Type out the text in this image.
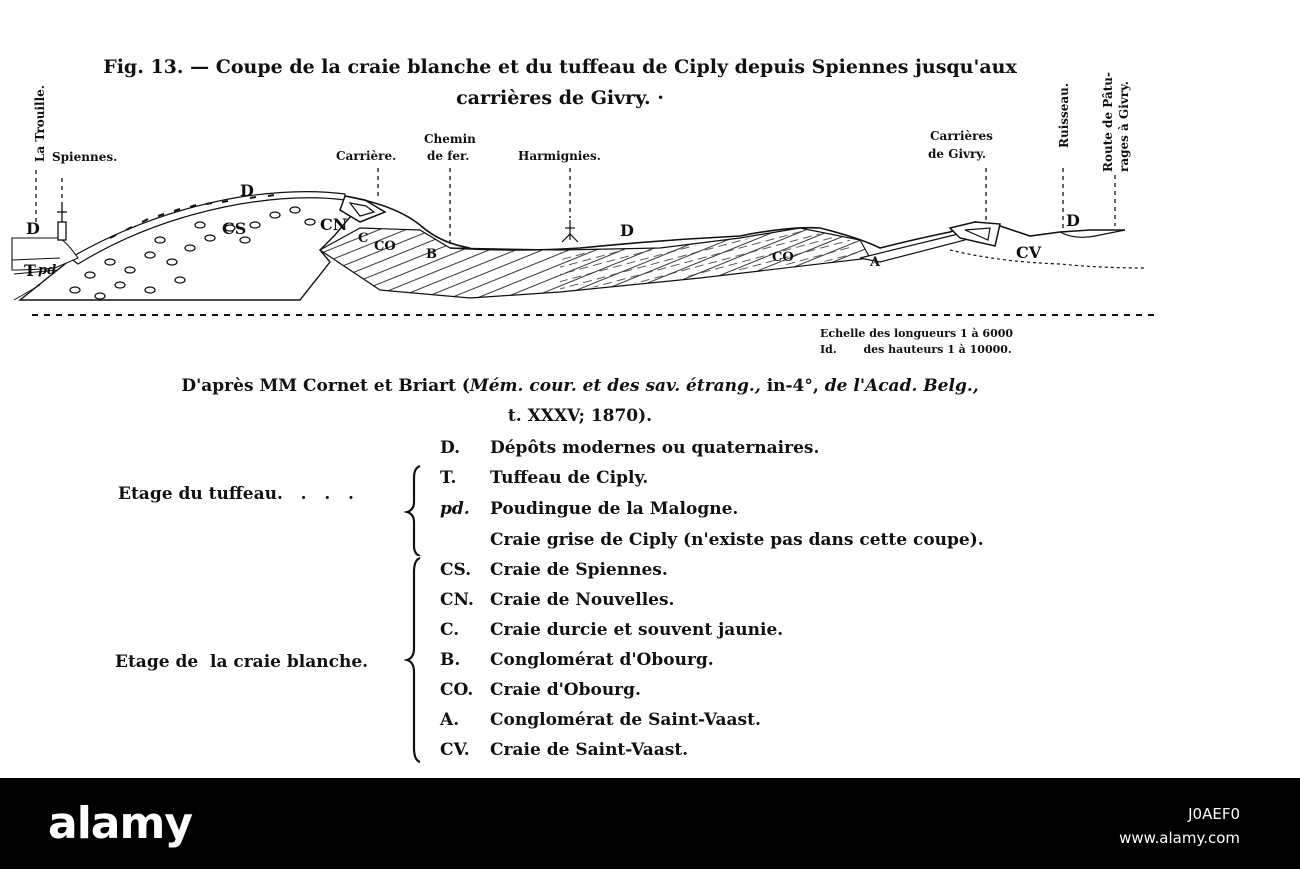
Fig. 13. — Coupe de la craie blanche et du tuffeau de Ciply depuis Spiennes jusqu'aux
carrières de Givry. ·
La Trouille.	Ruisseau.	Route de Pâtu- rages à Givry.
Spiennes.	Carrière.
Chemin
de fer.	Harmignies.
Carrières
de Givry.
D
T pd
D
CS	CN
C
CO
B
D
CO	A
D
CV
Echelle des longueurs 1 à 6000
Id.       des hauteurs 1 à 10000.
D'après MM Cornet et Briart (Mém. cour. et des sav. étrang., in-4°, de l'Acad. Belg.,
t. XXXV; 1870).
Etage du tuffeau.   .   .   .
Etage de  la craie blanche.
D. Dépôts modernes ou quaternaires.
T. Tuffeau de Ciply.
pd. Poudingue de la Malogne.
Craie grise de Ciply (n'existe pas dans cette coupe).
CS. Craie de Spiennes.
CN. Craie de Nouvelles.
C. Craie durcie et souvent jaunie.
B. Conglomérat d'Obourg.
CO. Craie d'Obourg.
A. Conglomérat de Saint-Vaast.
CV. Craie de Saint-Vaast.
alamy	J0AEF0
www.alamy.com
